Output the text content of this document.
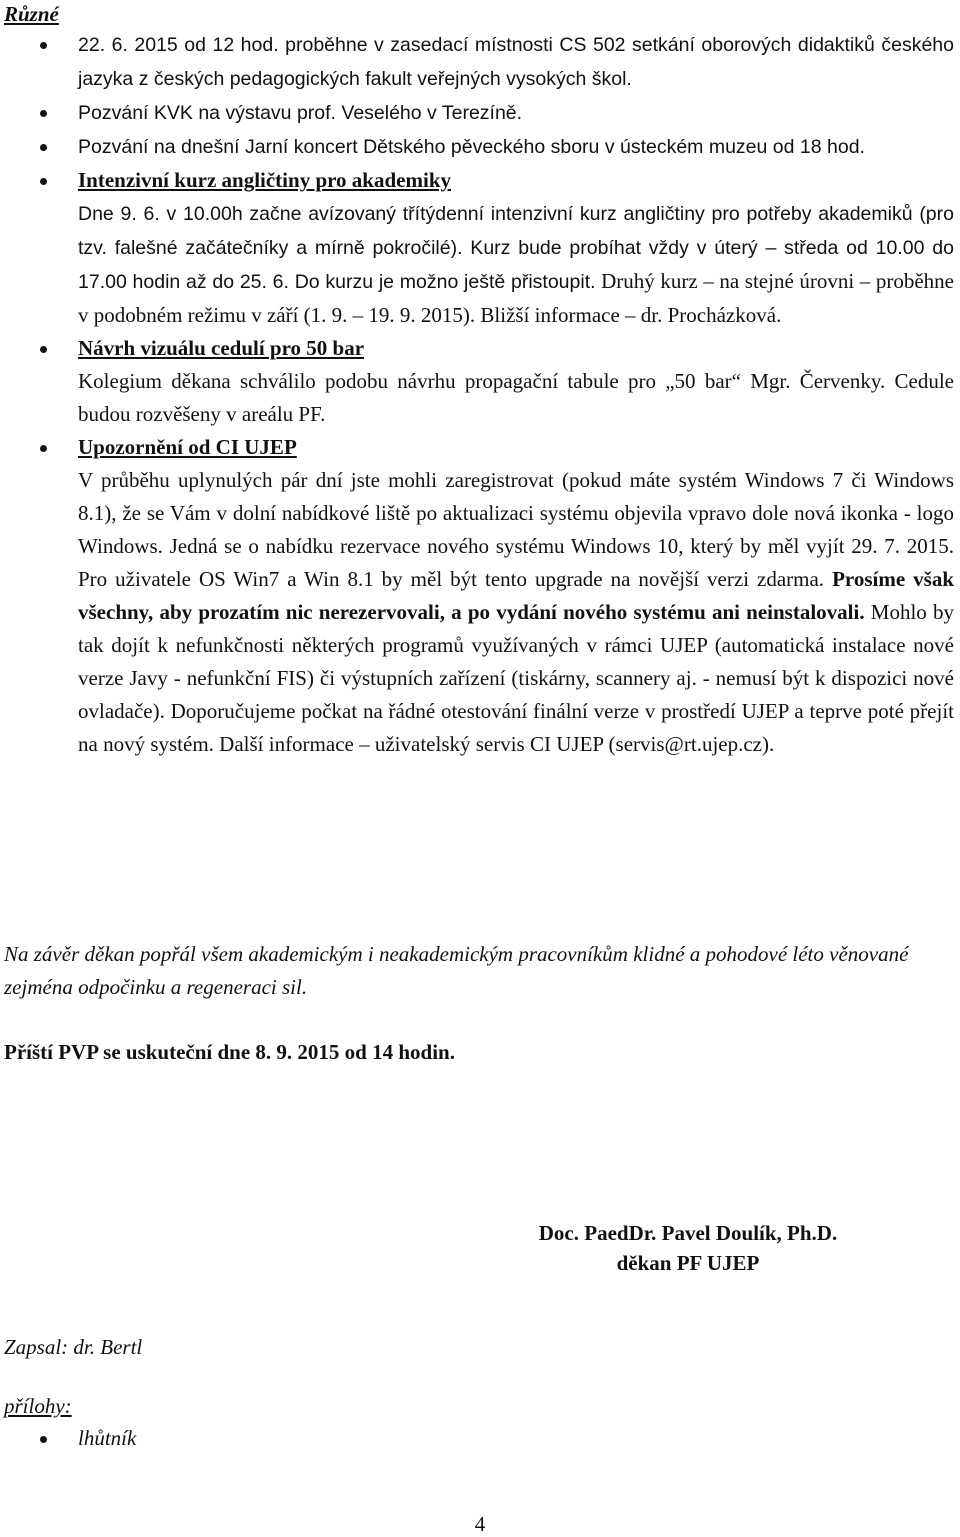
Různé
22. 6. 2015 od 12 hod. proběhne v zasedací místnosti CS 502 setkání oborových didaktiků českého jazyka z českých pedagogických fakult veřejných vysokých škol.
Pozvání KVK na výstavu prof. Veselého v Terezíně.
Pozvání na dnešní Jarní koncert Dětského pěveckého sboru v ústeckém muzeu od 18 hod.
Intenzivní kurz angličtiny pro akademiky
Dne 9. 6. v 10.00h začne avízovaný třítýdenní intenzivní kurz angličtiny pro potřeby akademiků (pro tzv. falešné začátečníky a mírně pokročilé). Kurz bude probíhat vždy v úterý – středa od 10.00 do 17.00 hodin až do 25. 6. Do kurzu je možno ještě přistoupit. Druhý kurz – na stejné úrovni – proběhne v podobném režimu v září (1. 9. – 19. 9. 2015). Bližší informace – dr. Procházková.
Návrh vizuálu cedulí pro 50 bar
Kolegium děkana schválilo podobu návrhu propagační tabule pro „50 bar“ Mgr. Červenky. Cedule budou rozvěšeny v areálu PF.
Upozornění od CI UJEP
V průběhu uplynulých pár dní jste mohli zaregistrovat (pokud máte systém Windows 7 či Windows 8.1), že se Vám v dolní nabídkové liště po aktualizaci systému objevila vpravo dole nová ikonka - logo Windows. Jedná se o nabídku rezervace nového systému Windows 10, který by měl vyjít 29. 7. 2015. Pro uživatele OS Win7 a Win 8.1 by měl být tento upgrade na novější verzi zdarma. Prosíme však všechny, aby prozatím nic nerezervovali, a po vydání nového systému ani neinstalovali. Mohlo by tak dojít k nefunkčnosti některých programů využívaných v rámci UJEP (automatická instalace nové verze Javy - nefunkční FIS) či výstupních zařízení (tiskárny, scannery aj. - nemusí být k dispozici nové ovladače). Doporučujeme počkat na řádné otestování finální verze v prostředí UJEP a teprve poté přejít na nový systém. Další informace – uživatelský servis CI UJEP (servis@rt.ujep.cz).
Na závěr děkan popřál všem akademickým i neakademickým pracovníkům klidné a pohodové léto věnované zejména odpočinku a regeneraci sil.
Příští PVP se uskuteční dne 8. 9. 2015 od 14 hodin.
Doc. PaedDr. Pavel Doulík, Ph.D.
děkan PF UJEP
Zapsal: dr. Bertl
přílohy:
lhůtník
4
